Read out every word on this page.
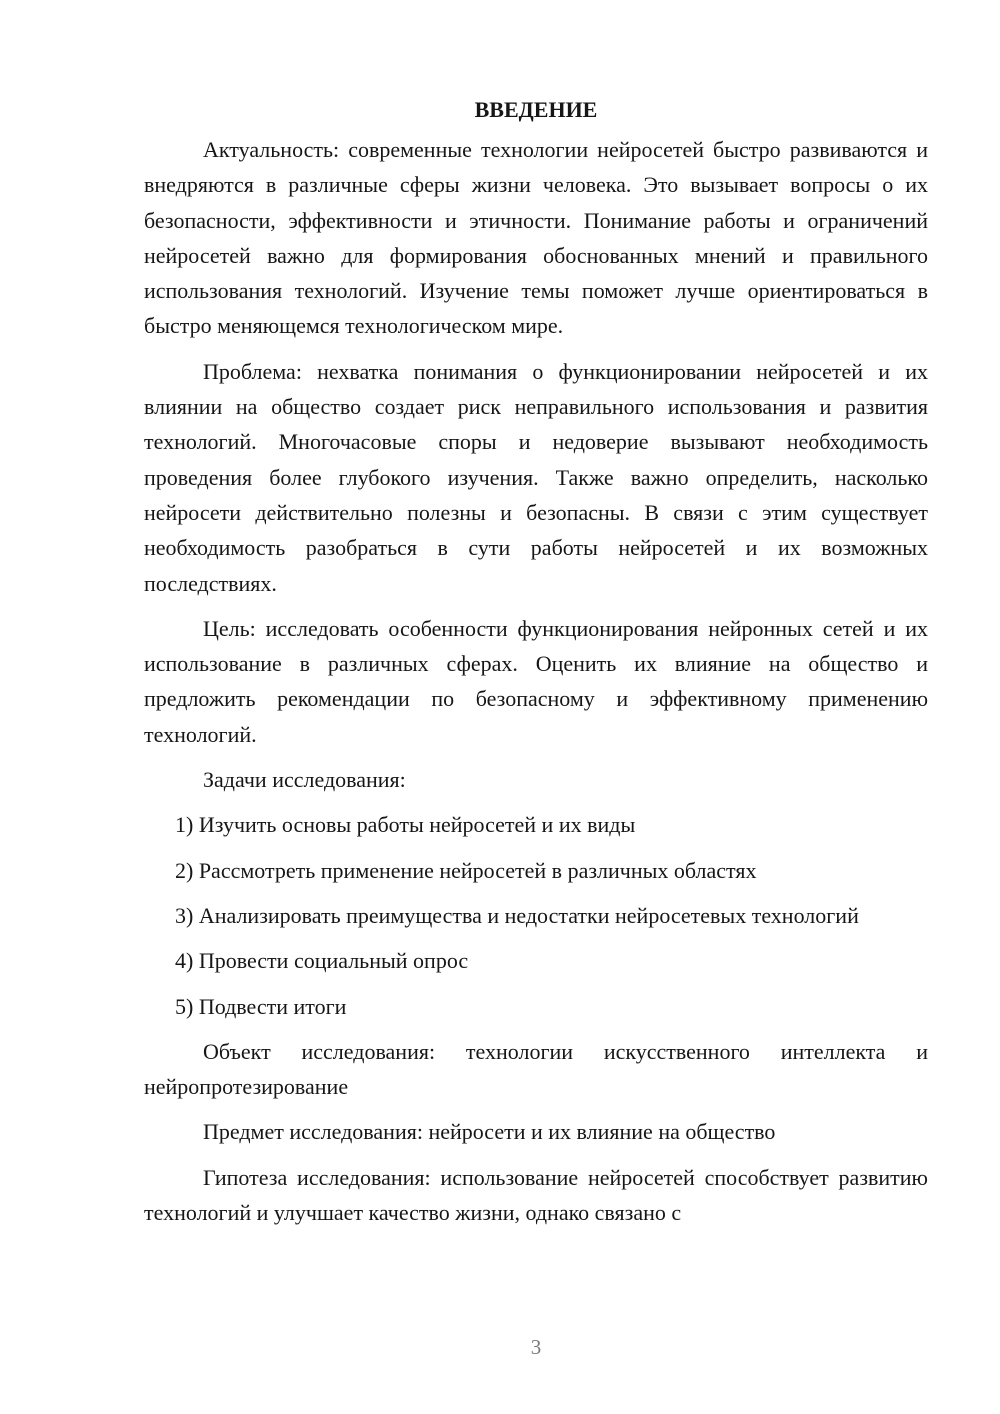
ВВЕДЕНИЕ

Актуальность: современные технологии нейросетей быстро развиваются и внедряются в различные сферы жизни человека. Это вызывает вопросы о их безопасности, эффективности и этичности. Понимание работы и ограничений нейросетей важно для формирования обоснованных мнений и правильного использования технологий. Изучение темы поможет лучше ориентироваться в быстро меняющемся технологическом мире.

Проблема: нехватка понимания о функционировании нейросетей и их влиянии на общество создает риск неправильного использования и развития технологий. Многочасовые споры и недоверие вызывают необходимость проведения более глубокого изучения. Также важно определить, насколько нейросети действительно полезны и безопасны. В связи с этим существует необходимость разобраться в сути работы нейросетей и их возможных последствиях.

Цель: исследовать особенности функционирования нейронных сетей и их использование в различных сферах. Оценить их влияние на общество и предложить рекомендации по безопасному и эффективному применению технологий.

Задачи исследования:

1) Изучить основы работы нейросетей и их виды

2) Рассмотреть применение нейросетей в различных областях

3) Анализировать преимущества и недостатки нейросетевых технологий

4) Провести социальный опрос

5) Подвести итоги

Объект исследования: технологии искусственного интеллекта и нейропротезирование

Предмет исследования: нейросети и их влияние на общество

Гипотеза исследования: использование нейросетей способствует развитию технологий и улучшает качество жизни, однако связано с

3
